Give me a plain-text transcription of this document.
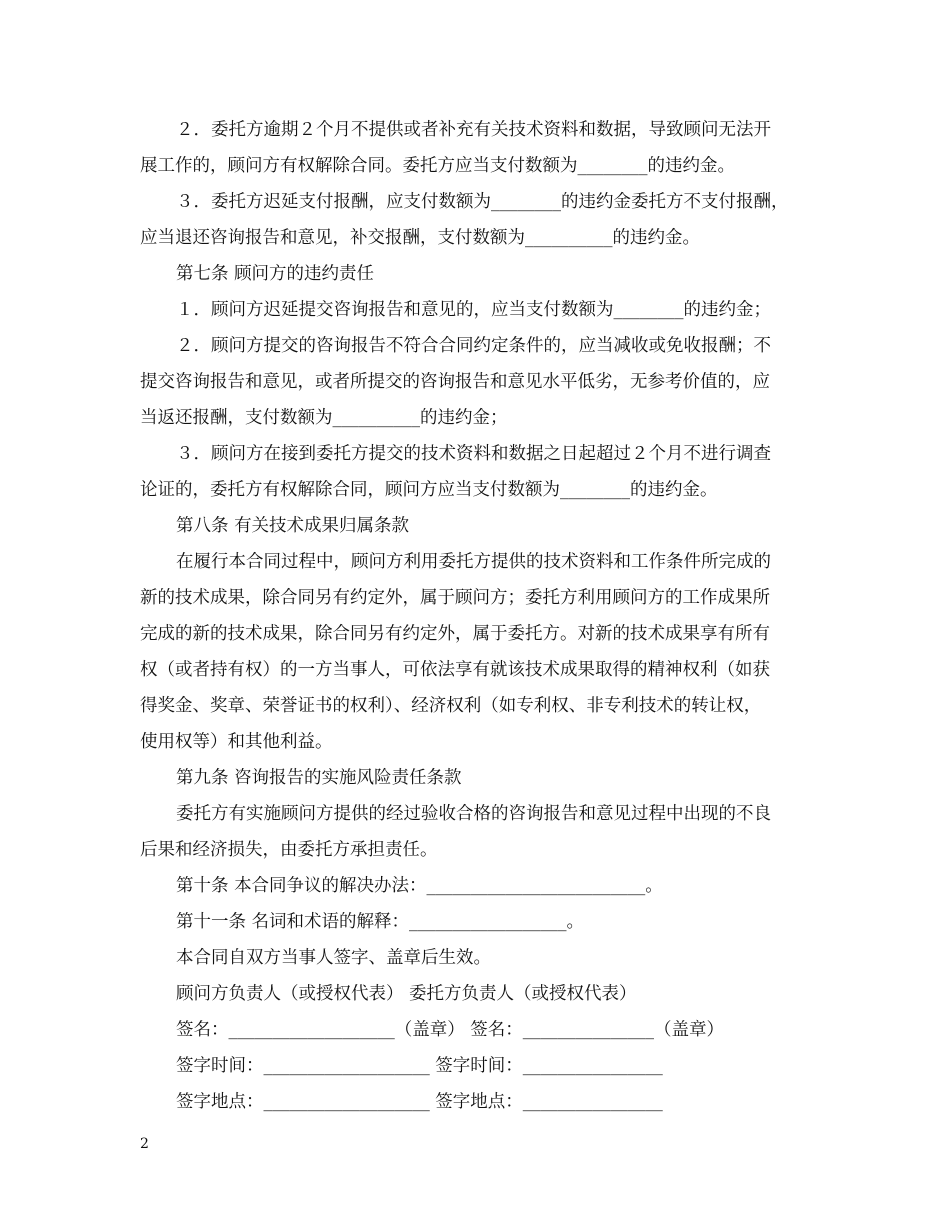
２．委托方逾期２个月不提供或者补充有关技术资料和数据，导致顾问无法开
展工作的，顾问方有权解除合同。委托方应当支付数额为________的违约金。
３．委托方迟延支付报酬，应支付数额为________的违约金委托方不支付报酬，
应当退还咨询报告和意见，补交报酬，支付数额为__________的违约金。
第七条 顾问方的违约责任
１．顾问方迟延提交咨询报告和意见的，应当支付数额为________的违约金；
２．顾问方提交的咨询报告不符合合同约定条件的，应当减收或免收报酬；不
提交咨询报告和意见，或者所提交的咨询报告和意见水平低劣，无参考价值的，应
当返还报酬，支付数额为__________的违约金；
３．顾问方在接到委托方提交的技术资料和数据之日起超过２个月不进行调查
论证的，委托方有权解除合同，顾问方应当支付数额为________的违约金。
第八条 有关技术成果归属条款
在履行本合同过程中，顾问方利用委托方提供的技术资料和工作条件所完成的
新的技术成果，除合同另有约定外，属于顾问方；委托方利用顾问方的工作成果所
完成的新的技术成果，除合同另有约定外，属于委托方。对新的技术成果享有所有
权（或者持有权）的一方当事人，可依法享有就该技术成果取得的精神权利（如获
得奖金、奖章、荣誉证书的权利）、经济权利（如专利权、非专利技术的转让权，
使用权等）和其他利益。
第九条 咨询报告的实施风险责任条款
委托方有实施顾问方提供的经过验收合格的咨询报告和意见过程中出现的不良
后果和经济损失，由委托方承担责任。
第十条 本合同争议的解决办法：_________________________。
第十一条 名词和术语的解释：__________________。
本合同自双方当事人签字、盖章后生效。
顾问方负责人（或授权代表） 委托方负责人（或授权代表）
签名：___________________（盖章） 签名：_______________（盖章）
签字时间：___________________ 签字时间：________________
签字地点：___________________ 签字地点：________________
2
